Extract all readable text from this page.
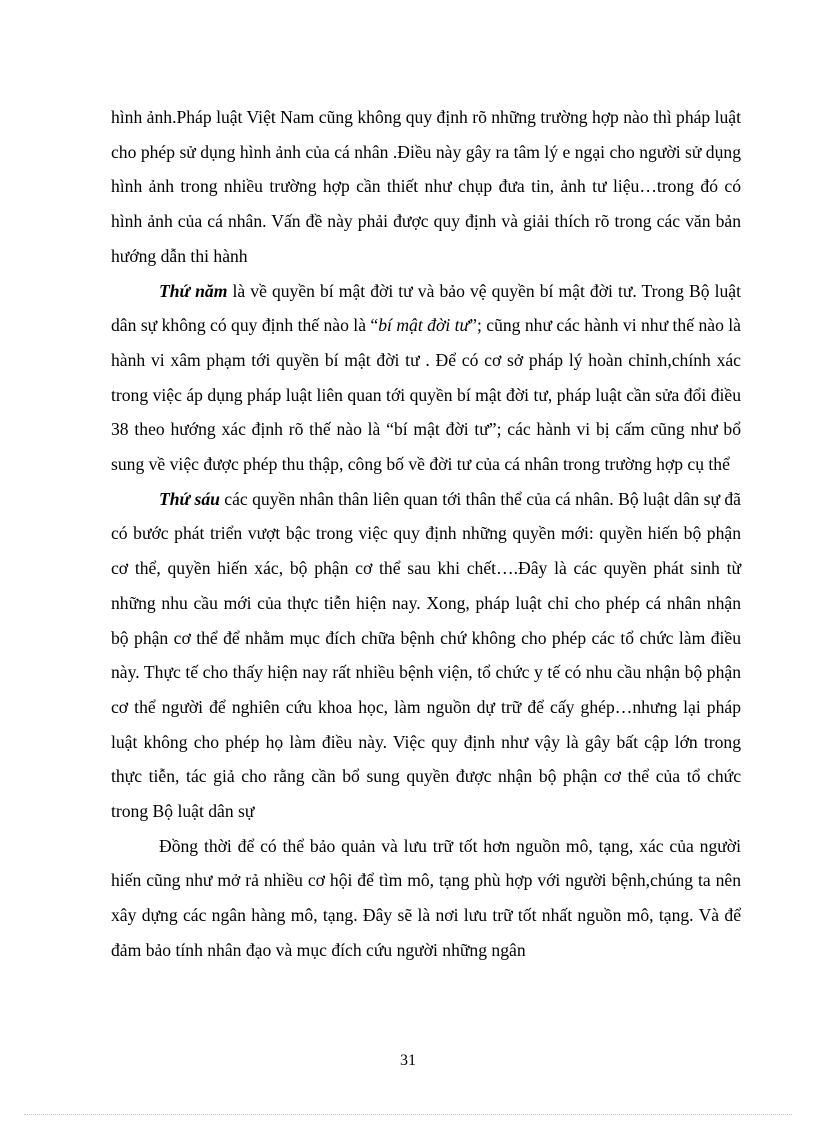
hình ảnh.Pháp luật Việt Nam cũng không quy định rõ những trường hợp nào thì pháp luật cho phép sử dụng hình ảnh của cá nhân .Điều này gây ra tâm lý e ngại cho người sử dụng hình ảnh trong nhiều trường hợp cần thiết như chụp đưa tin, ảnh tư liệu…trong đó có hình ảnh của cá nhân. Vấn đề này phải được quy định và giải thích rõ trong các văn bản hướng dẫn thi hành

Thứ năm là về quyền bí mật đời tư và bảo vệ quyền bí mật đời tư. Trong Bộ luật dân sự không có quy định thế nào là “bí mật đời tư”; cũng như các hành vi như thế nào là hành vi xâm phạm tới quyền bí mật đời tư . Để có cơ sở pháp lý hoàn chỉnh,chính xác trong việc áp dụng pháp luật liên quan tới quyền bí mật đời tư, pháp luật cần sửa đổi điều 38 theo hướng xác định rõ thế nào là “bí mật đời tư”; các hành vi bị cấm cũng như bổ sung về việc được phép thu thập, công bố về đời tư của cá nhân trong trường hợp cụ thể

Thứ sáu các quyền nhân thân liên quan tới thân thể của cá nhân. Bộ luật dân sự đã có bước phát triển vượt bậc trong việc quy định những quyền mới: quyền hiến bộ phận cơ thể, quyền hiến xác, bộ phận cơ thể sau khi chết….Đây là các quyền phát sinh từ những nhu cầu mới của thực tiễn hiện nay. Xong, pháp luật chỉ cho phép cá nhân nhận bộ phận cơ thể để nhằm mục đích chữa bệnh chứ không cho phép các tổ chức làm điều này. Thực tế cho thấy hiện nay rất nhiều bệnh viện, tổ chức y tế có nhu cầu nhận bộ phận cơ thể người để nghiên cứu khoa học, làm nguồn dự trữ để cấy ghép…nhưng lại pháp luật không cho phép họ làm điều này. Việc quy định như vậy là gây bất cập lớn trong thực tiễn, tác giả cho rằng cần bổ sung quyền được nhận bộ phận cơ thể của tổ chức trong Bộ luật dân sự

Đồng thời để có thể bảo quản và lưu trữ tốt hơn nguồn mô, tạng, xác của người hiến cũng như mở rả nhiều cơ hội để tìm mô, tạng phù hợp với người bệnh,chúng ta nên xây dựng các ngân hàng mô, tạng. Đây sẽ là nơi lưu trữ tốt nhất nguồn mô, tạng. Và để đảm bảo tính nhân đạo và mục đích cứu người những ngân

31
